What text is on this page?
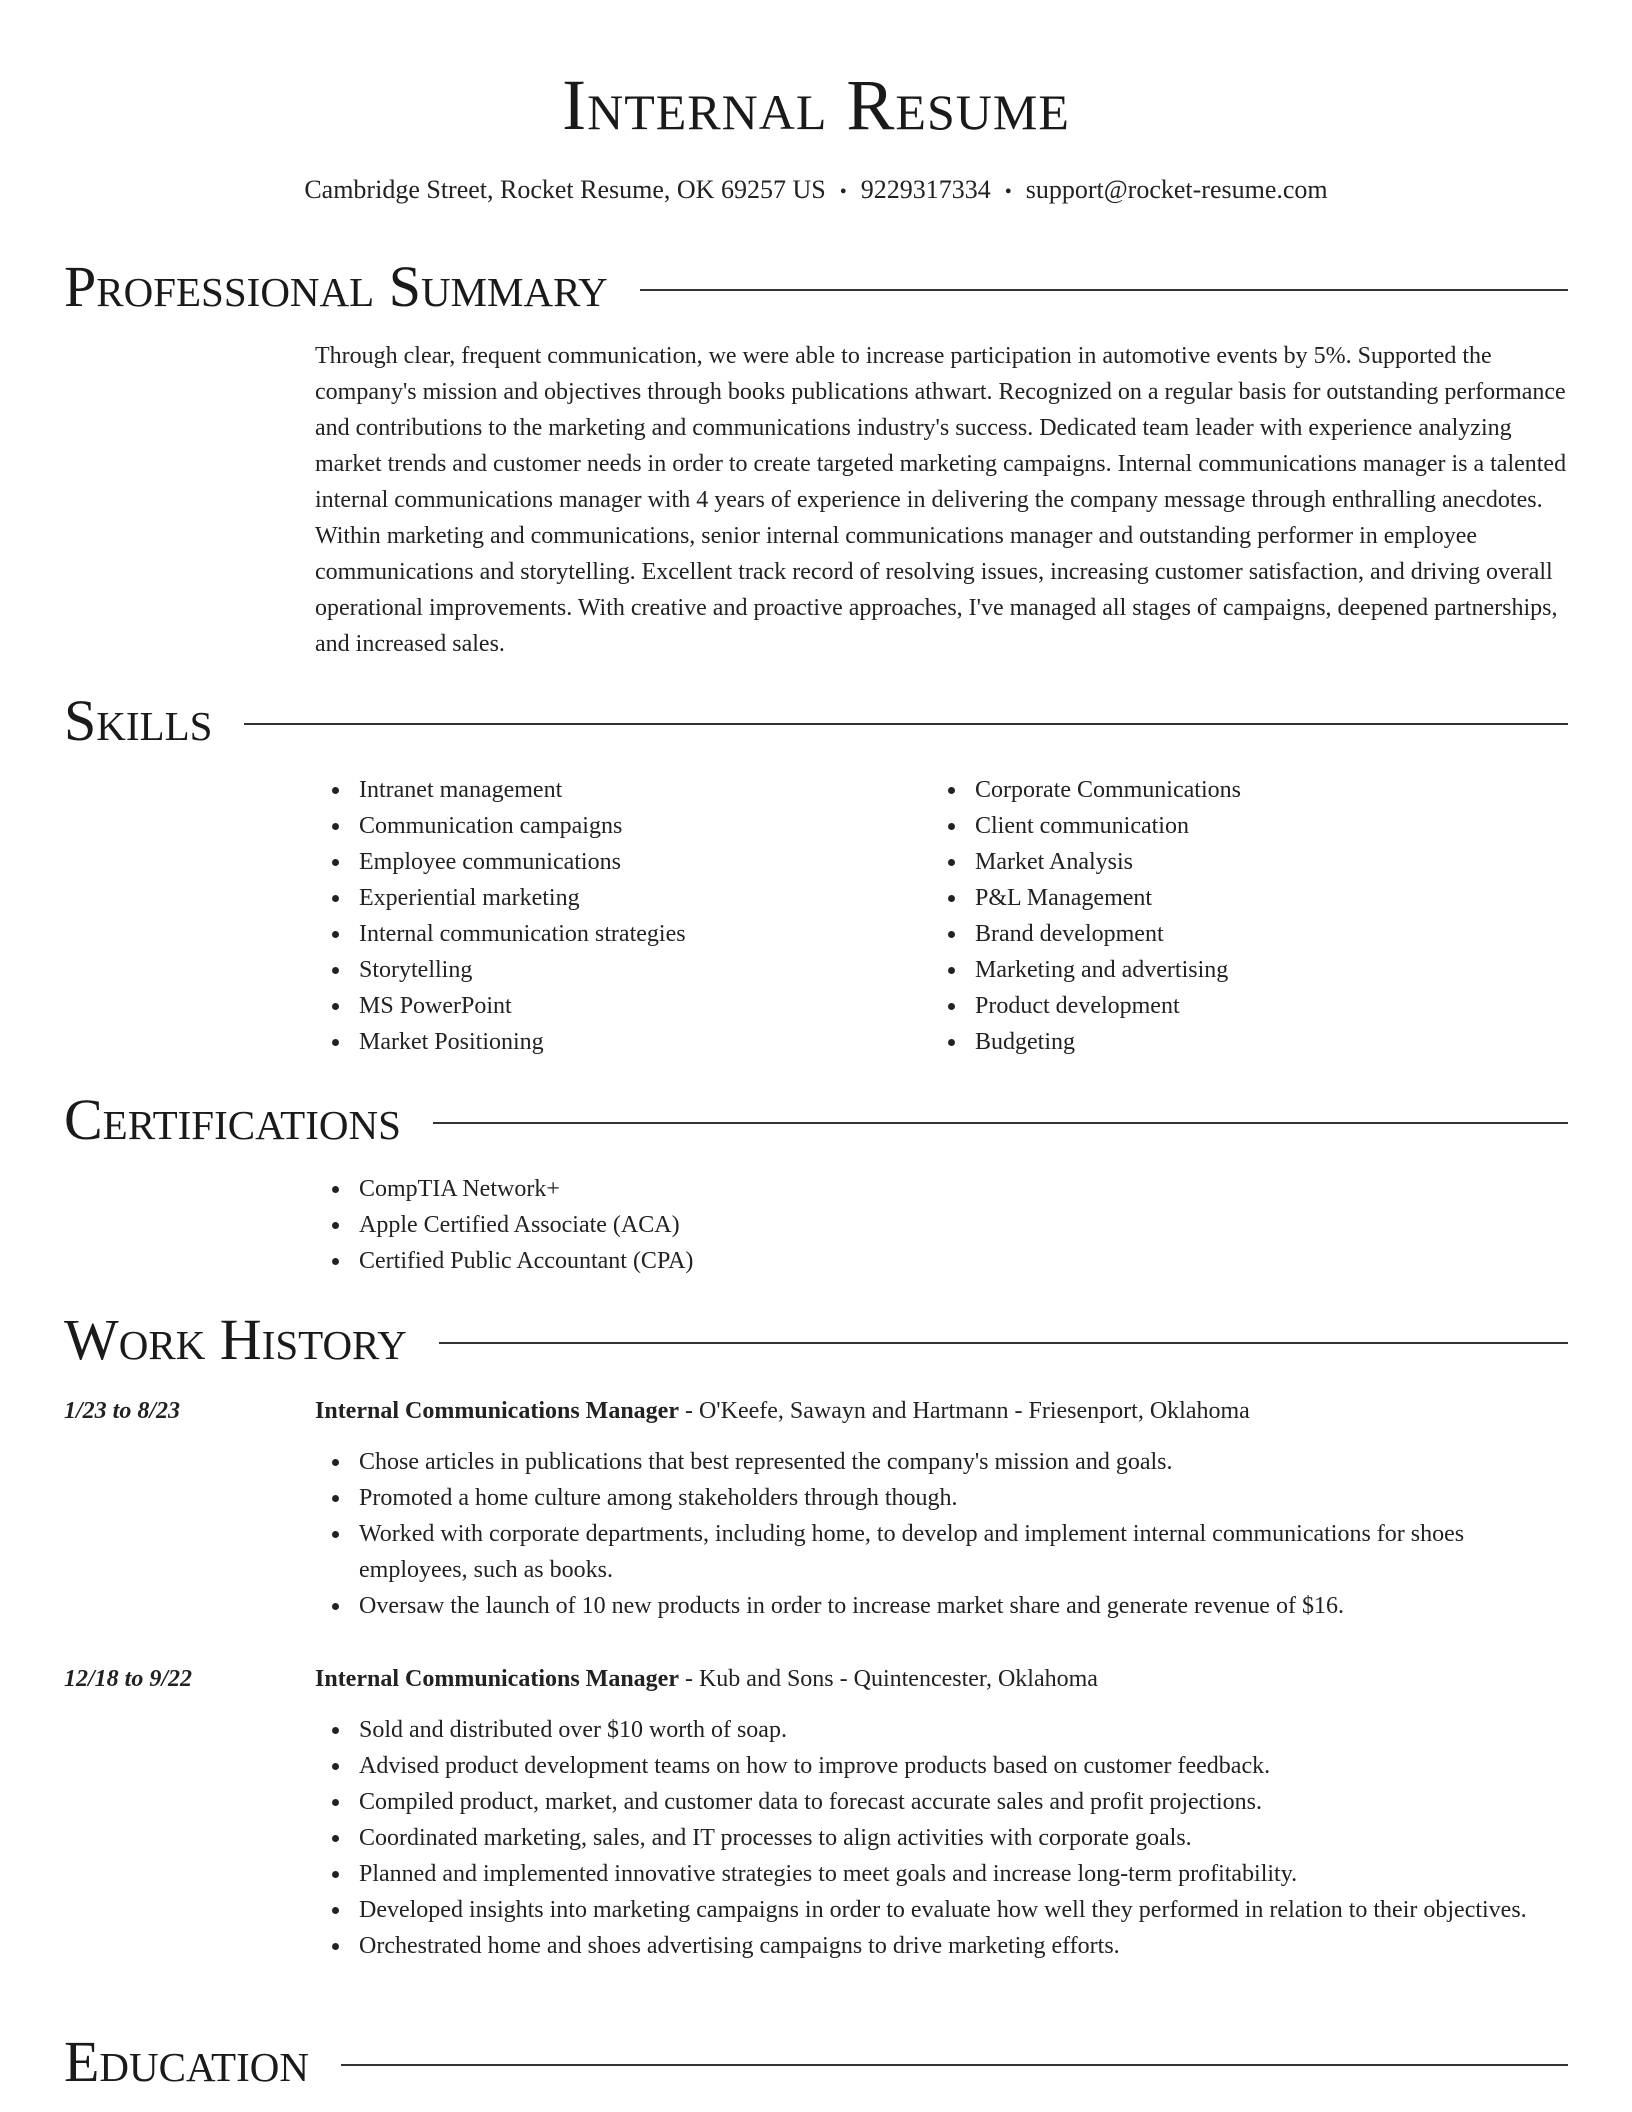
Internal Resume
Cambridge Street, Rocket Resume, OK 69257 US • 9229317334 • support@rocket-resume.com
Professional Summary

Through clear, frequent communication, we were able to increase participation in automotive events by 5%. Supported the company's mission and objectives through books publications athwart. Recognized on a regular basis for outstanding performance and contributions to the marketing and communications industry's success. Dedicated team leader with experience analyzing market trends and customer needs in order to create targeted marketing campaigns. Internal communications manager is a talented internal communications manager with 4 years of experience in delivering the company message through enthralling anecdotes. Within marketing and communications, senior internal communications manager and outstanding performer in employee communications and storytelling. Excellent track record of resolving issues, increasing customer satisfaction, and driving overall operational improvements. With creative and proactive approaches, I've managed all stages of campaigns, deepened partnerships, and increased sales.

Skills
Intranet management
Communication campaigns
Employee communications
Experiential marketing
Internal communication strategies
Storytelling
MS PowerPoint
Market Positioning
Corporate Communications
Client communication
Market Analysis
P&L Management
Brand development
Marketing and advertising
Product development
Budgeting
Certifications
CompTIA Network+
Apple Certified Associate (ACA)
Certified Public Accountant (CPA)
Work History
1/23 to 8/23	Internal Communications Manager - O'Keefe, Sawayn and Hartmann - Friesenport, Oklahoma
Chose articles in publications that best represented the company's mission and goals.
Promoted a home culture among stakeholders through though.
Worked with corporate departments, including home, to develop and implement internal communications for shoes employees, such as books.
Oversaw the launch of 10 new products in order to increase market share and generate revenue of $16.
12/18 to 9/22	Internal Communications Manager - Kub and Sons - Quintencester, Oklahoma
Sold and distributed over $10 worth of soap.
Advised product development teams on how to improve products based on customer feedback.
Compiled product, market, and customer data to forecast accurate sales and profit projections.
Coordinated marketing, sales, and IT processes to align activities with corporate goals.
Planned and implemented innovative strategies to meet goals and increase long-term profitability.
Developed insights into marketing campaigns in order to evaluate how well they performed in relation to their objectives.
Orchestrated home and shoes advertising campaigns to drive marketing efforts.
Education
